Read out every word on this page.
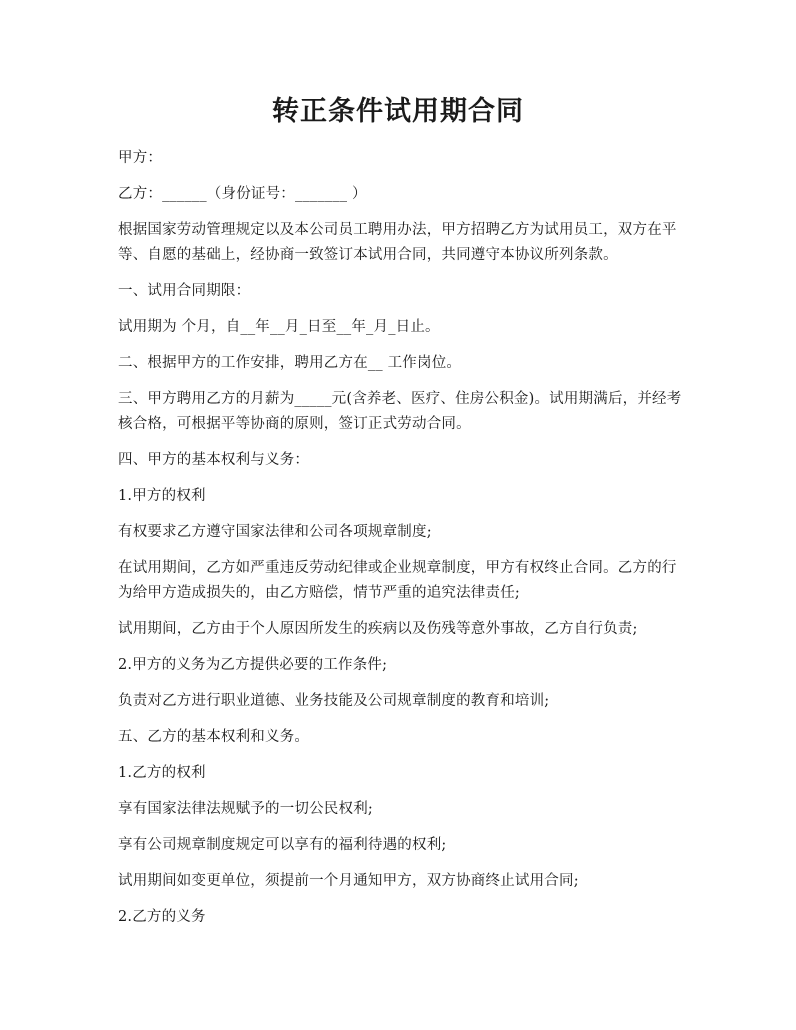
转正条件试用期合同

甲方：

乙方：______（身份证号：_______ ）

根据国家劳动管理规定以及本公司员工聘用办法，甲方招聘乙方为试用员工，双方在平等、自愿的基础上，经协商一致签订本试用合同，共同遵守本协议所列条款。

一、试用合同期限：

试用期为 个月，自__年__月_日至__年_月_日止。

二、根据甲方的工作安排，聘用乙方在__ 工作岗位。

三、甲方聘用乙方的月薪为_____元(含养老、医疗、住房公积金)。试用期满后，并经考核合格，可根据平等协商的原则，签订正式劳动合同。

四、甲方的基本权利与义务：

1.甲方的权利

有权要求乙方遵守国家法律和公司各项规章制度;

在试用期间，乙方如严重违反劳动纪律或企业规章制度，甲方有权终止合同。乙方的行为给甲方造成损失的，由乙方赔偿，情节严重的追究法律责任;

试用期间，乙方由于个人原因所发生的疾病以及伤残等意外事故，乙方自行负责;

2.甲方的义务为乙方提供必要的工作条件;

负责对乙方进行职业道德、业务技能及公司规章制度的教育和培训;

五、乙方的基本权利和义务。

1.乙方的权利

享有国家法律法规赋予的一切公民权利;

享有公司规章制度规定可以享有的福利待遇的权利;

试用期间如变更单位，须提前一个月通知甲方，双方协商终止试用合同;

2.乙方的义务
